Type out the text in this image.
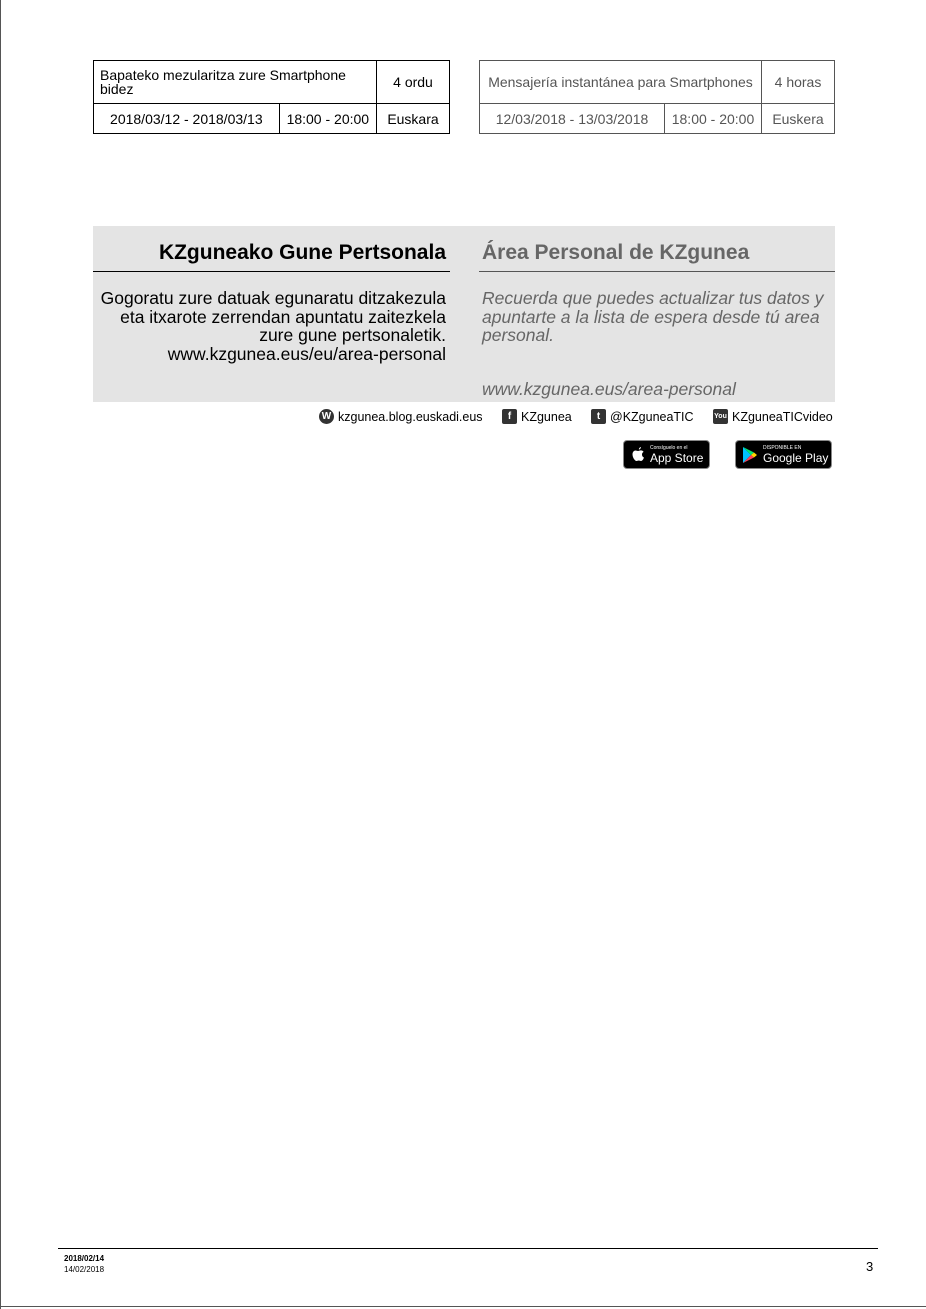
Bapateko mezularitza zure Smartphone bidez		4 ordu
2018/03/12 - 2018/03/13	18:00 - 20:00	Euskara
Mensajería instantánea para Smartphones		4 horas
12/03/2018 - 13/03/2018	18:00 - 20:00	Euskera
KZguneako Gune Pertsonala

Gogoratu zure datuak egunaratu ditzakezula eta itxarote zerrendan apuntatu zaitezkela zure gune pertsonaletik.
www.kzgunea.eus/eu/area-personal

Área Personal de KZgunea

Recuerda que puedes actualizar tus datos y apuntarte a la lista de espera desde tú area personal.

www.kzgunea.eus/area-personal

W kzgunea.blog.euskadi.eus	f KZgunea	t @KZguneaTIC	You KZguneaTICvideo
Consíguelo en el
App Store
DISPONIBLE EN
Google Play
2018/02/14
14/02/2018	3
